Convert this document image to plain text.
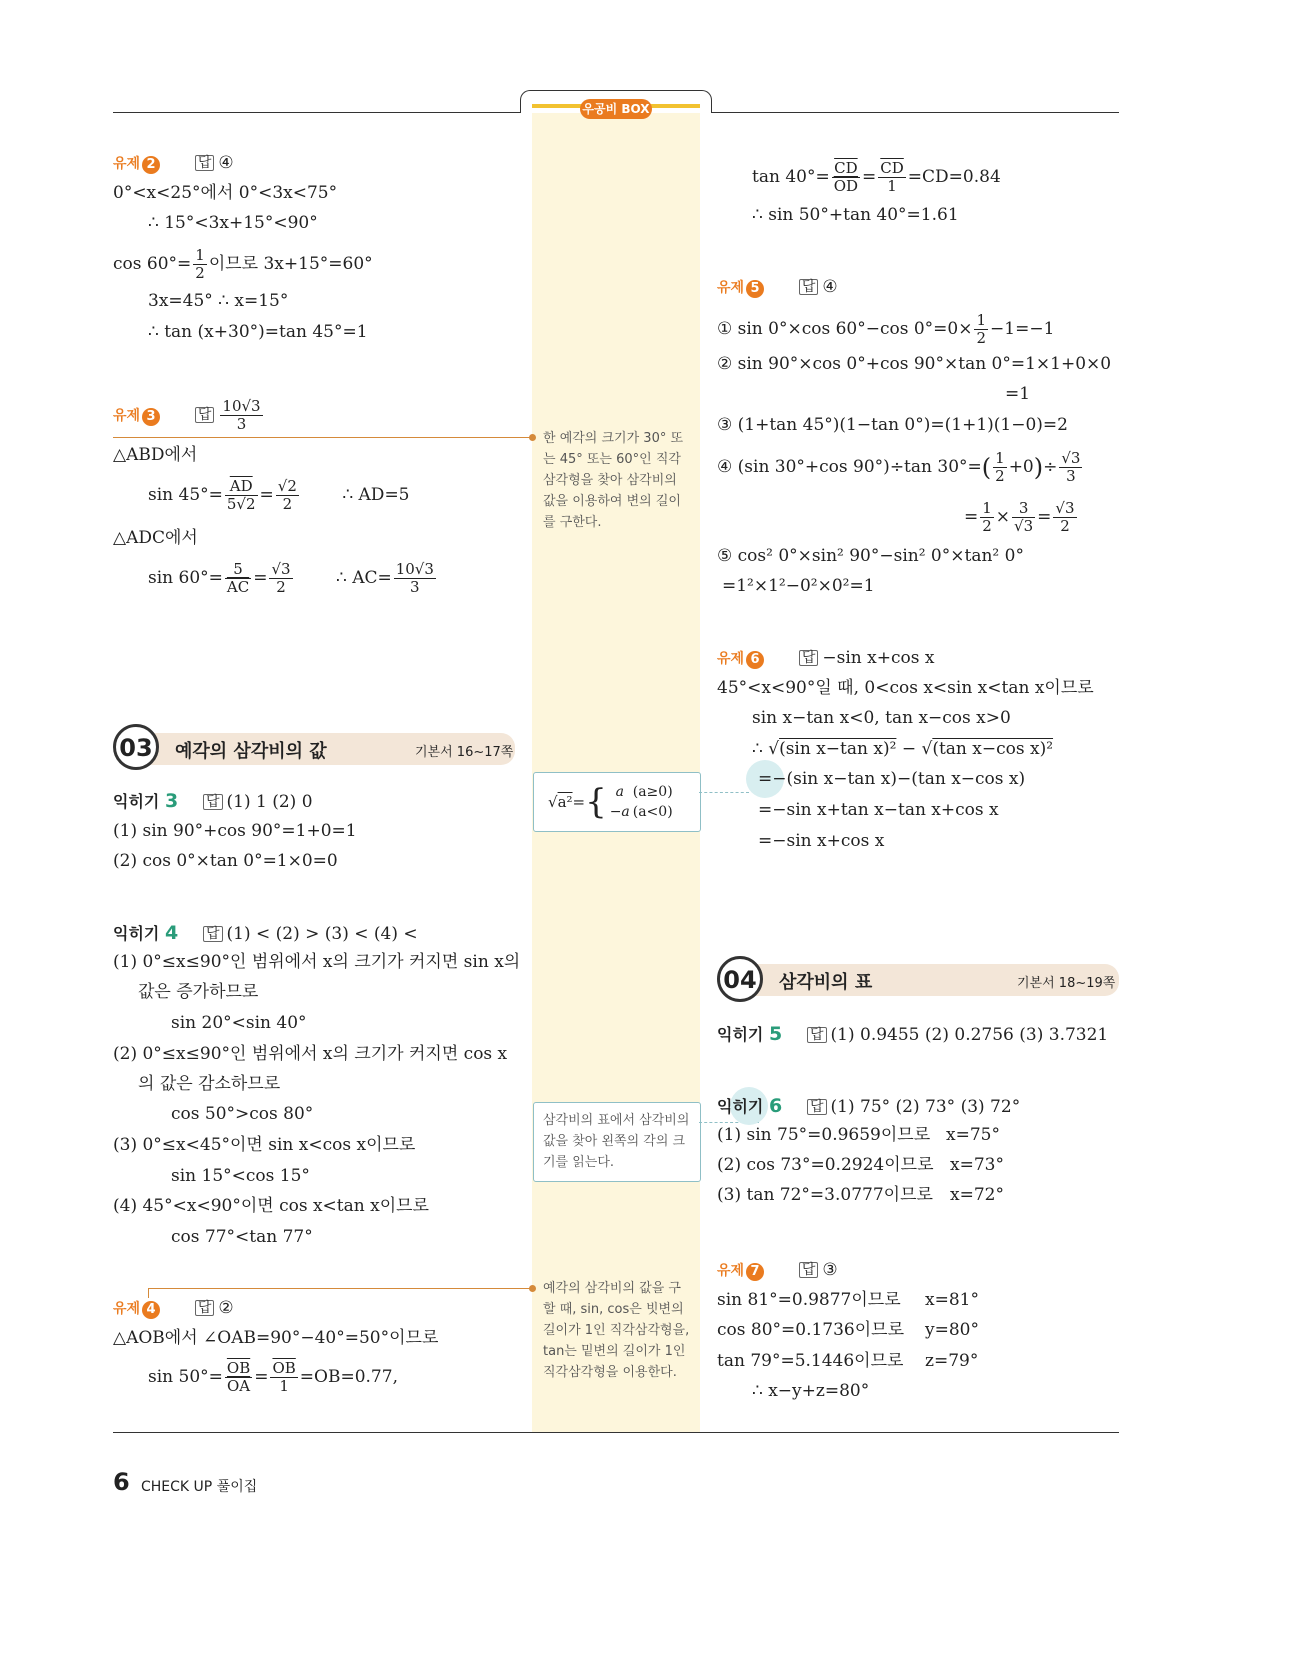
우공비 BOX
유제 2	답 ④
0°<x<25°에서 0°<3x<75°
∴ 15°<3x+15°<90°
$\cos 60^\circ= \frac{1}{2}$ 이므로 3x+15°=60°
3x=45° ∴ x=15°
∴ tan (x+30°)=tan 45°=1
유제 3	답 $\frac{10√3}{3}$
△ABD에서
$\sin 45^\circ= \frac{\overline{AD}}{5√2} = \frac{√2}{2}$	∴ AD=5
△ADC에서
$\sin 60^\circ= \frac{5}{AC} = \frac{√3}{2}$	∴ $AC= \frac{10√3}{3}$
03	예각의 삼각비의 값	기본서 16~17쪽
익히기 3 답 (1) 1 (2) 0
(1) sin 90°+cos 90°=1+0=1
(2) cos 0°×tan 0°=1×0=0
익히기 4 답 (1) < (2) > (3) < (4) <
(1) 0°≤x≤90°인 범위에서 x의 크기가 커지면 sin x의
값은 증가하므로
sin 20°<sin 40°
(2) 0°≤x≤90°인 범위에서 x의 크기가 커지면 cos x
의 값은 감소하므로
cos 50°>cos 80°
(3) 0°≤x<45°이면 sin x<cos x이므로
sin 15°<cos 15°
(4) 45°<x<90°이면 cos x<tan x이므로
cos 77°<tan 77°
유제 4	답 ②
△AOB에서 ∠OAB=90°−40°=50°이므로
$\sin 50^\circ= \frac{\overline{OB}}{OA} = \frac{\overline{OB}}{1} =OB=0.77$,
한 예각의 크기가 30° 또는 45° 또는 60°인 직각삼각형을 찾아 삼각비의 값을 이용하여 변의 길이를 구한다.
√a²={ a (a≥0)
−a (a<0)
삼각비의 표에서 삼각비의 값을 찾아 왼쪽의 각의 크기를 읽는다.
예각의 삼각비의 값을 구할 때, sin, cos은 빗변의 길이가 1인 직각삼각형을, tan는 밑변의 길이가 1인 직각삼각형을 이용한다.
$\tan 40^\circ= \frac{\overline{CD}}{OD} = \frac{\overline{CD}}{1} =CD=0.84$
∴ sin 50°+tan 40°=1.61
유제 5	답 ④
① sin 0°×cos 60°−cos $0^\circ=0\times \frac{1}{2} -1=-1$
② sin 90°×cos 0°+cos 90°×tan 0°=1×1+0×0
=1
③ (1+tan 45°)(1−tan 0°)=(1+1)(1−0)=2
④ (sin 30°+cos 90°)÷tan $30^\circ=( \frac{1}{2} +0)\div \frac{√3}{3}$
= $\frac{1}{2} \times \frac{3}{√3} = \frac{√3}{2}$
⑤ cos² 0°×sin² 90°−sin² 0°×tan² 0°
=1²×1²−0²×0²=1
유제 6	답 −sin x+cos x
45°<x<90°일 때, 0<cos x<sin x<tan x이므로
sin x−tan x<0, tan x−cos x>0
∴ √(sin x−tan x)² − √(tan x−cos x)²
=−(sin x−tan x)−(tan x−cos x)
=−sin x+tan x−tan x+cos x
=−sin x+cos x
04	삼각비의 표	기본서 18~19쪽
익히기 5 답 (1) 0.9455 (2) 0.2756 (3) 3.7321
익히기 6 답 (1) 75° (2) 73° (3) 72°
(1) sin 75°=0.9659이므로 x=75°
(2) cos 73°=0.2924이므로 x=73°
(3) tan 72°=3.0777이므로 x=72°
유제 7	답 ③
sin 81°=0.9877이므로 x=81°
cos 80°=0.1736이므로 y=80°
tan 79°=5.1446이므로 z=79°
∴ x−y+z=80°
6 CHECK UP 풀이집
